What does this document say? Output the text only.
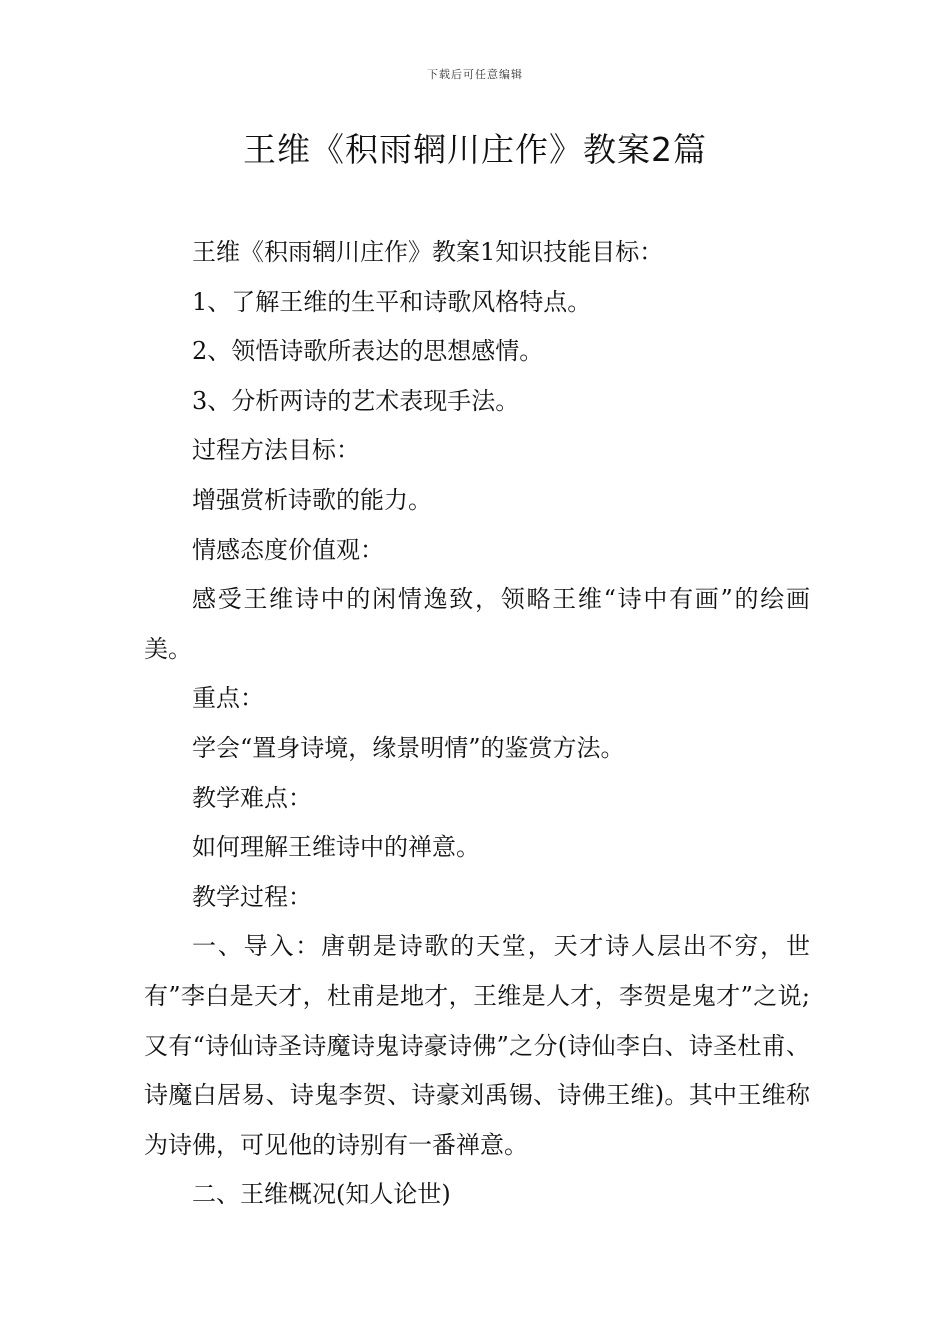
下载后可任意编辑
王维《积雨辋川庄作》教案2篇

王维《积雨辋川庄作》教案1知识技能目标：

1、了解王维的生平和诗歌风格特点。

2、领悟诗歌所表达的思想感情。

3、分析两诗的艺术表现手法。

过程方法目标：

增强赏析诗歌的能力。

情感态度价值观：

感受王维诗中的闲情逸致，领略王维“诗中有画”的绘画美。

重点：

学会“置身诗境，缘景明情”的鉴赏方法。

教学难点：

如何理解王维诗中的禅意。

教学过程：

一、导入：唐朝是诗歌的天堂，天才诗人层出不穷，世有”李白是天才，杜甫是地才，王维是人才，李贺是鬼才”之说;又有“诗仙诗圣诗魔诗鬼诗豪诗佛”之分(诗仙李白、诗圣杜甫、诗魔白居易、诗鬼李贺、诗豪刘禹锡、诗佛王维)。其中王维称为诗佛，可见他的诗别有一番禅意。

二、王维概况(知人论世)
